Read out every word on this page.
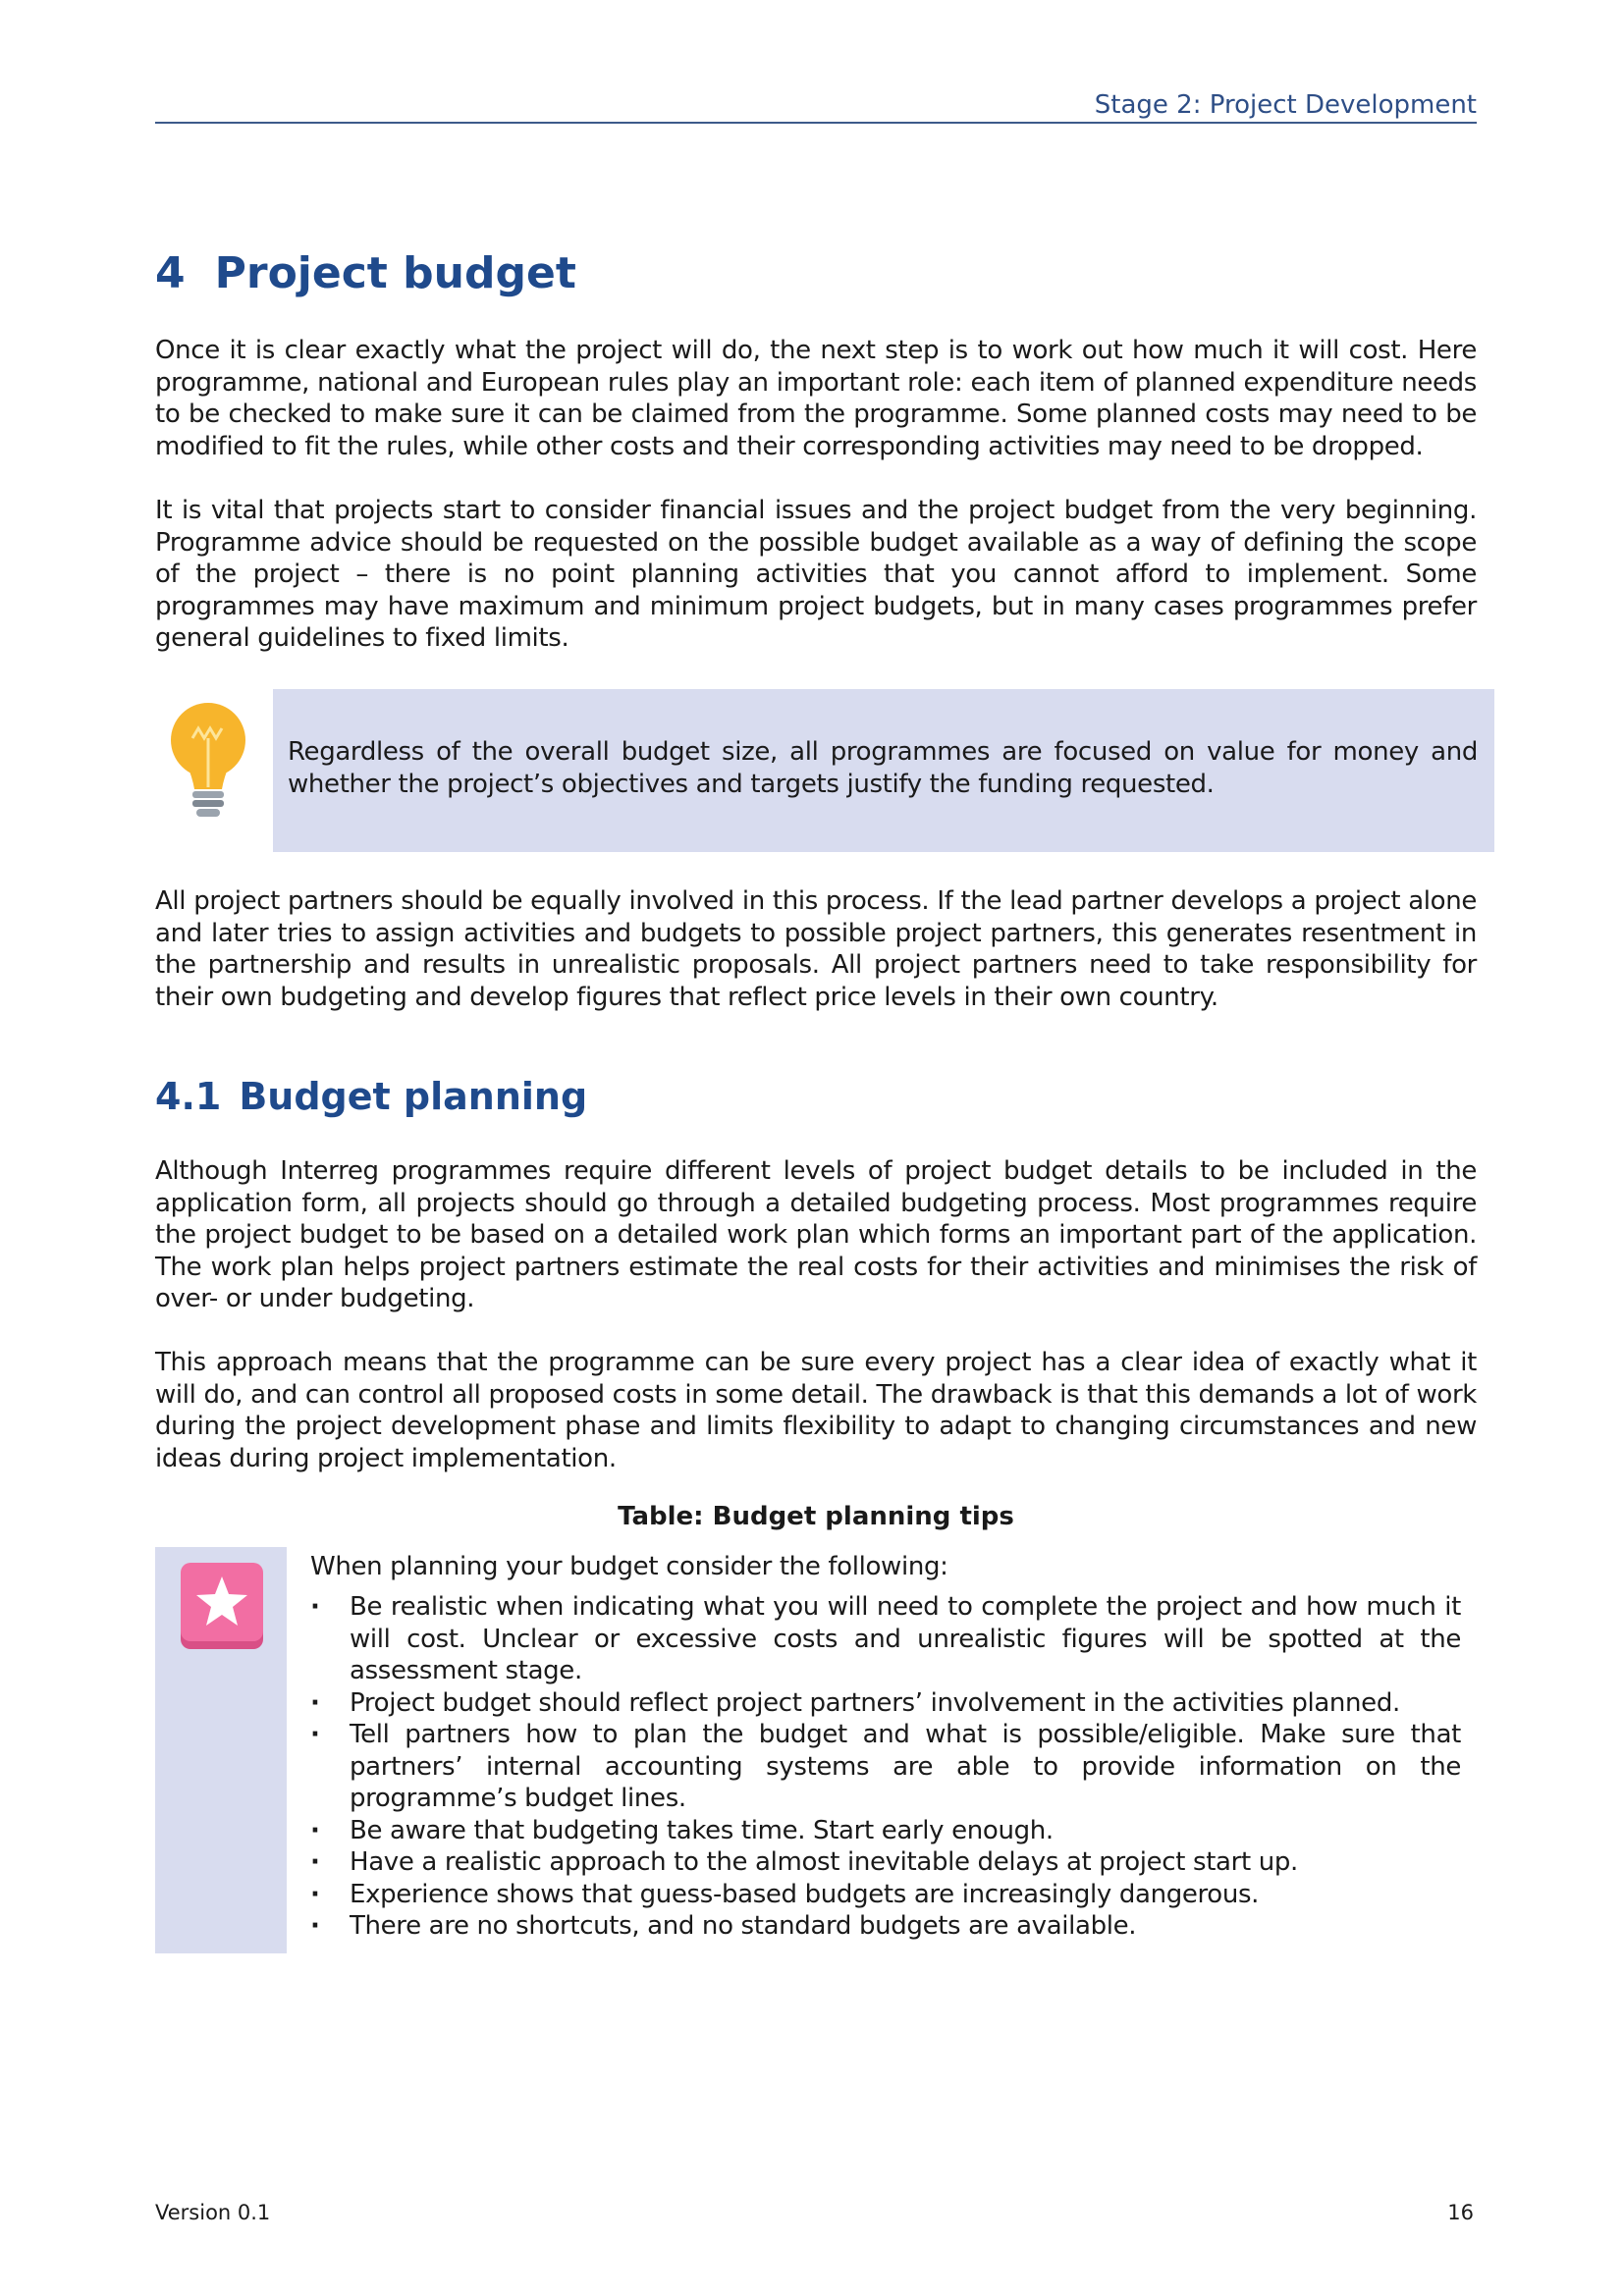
Stage 2: Project Development
4 Project budget

Once it is clear exactly what the project will do, the next step is to work out how much it will cost. Here programme, national and European rules play an important role: each item of planned expenditure needs to be checked to make sure it can be claimed from the programme. Some planned costs may need to be modified to fit the rules, while other costs and their corresponding activities may need to be dropped.

It is vital that projects start to consider financial issues and the project budget from the very beginning. Programme advice should be requested on the possible budget available as a way of defining the scope of the project – there is no point planning activities that you cannot afford to implement. Some programmes may have maximum and minimum project budgets, but in many cases programmes prefer general guidelines to fixed limits.

Regardless of the overall budget size, all programmes are focused on value for money and whether the project’s objectives and targets justify the funding requested.

All project partners should be equally involved in this process. If the lead partner develops a project alone and later tries to assign activities and budgets to possible project partners, this generates resentment in the partnership and results in unrealistic proposals. All project partners need to take responsibility for their own budgeting and develop figures that reflect price levels in their own country.

4.1 Budget planning

Although Interreg programmes require different levels of project budget details to be included in the application form, all projects should go through a detailed budgeting process. Most programmes require the project budget to be based on a detailed work plan which forms an important part of the application. The work plan helps project partners estimate the real costs for their activities and minimises the risk of over- or under budgeting.

This approach means that the programme can be sure every project has a clear idea of exactly what it will do, and can control all proposed costs in some detail. The drawback is that this demands a lot of work during the project development phase and limits flexibility to adapt to changing circumstances and new ideas during project implementation.

Table: Budget planning tips

When planning your budget consider the following:

· Be realistic when indicating what you will need to complete the project and how much it will cost. Unclear or excessive costs and unrealistic figures will be spotted at the assessment stage.
· Project budget should reflect project partners’ involvement in the activities planned.
· Tell partners how to plan the budget and what is possible/eligible. Make sure that partners’ internal accounting systems are able to provide information on the programme’s budget lines.
· Be aware that budgeting takes time. Start early enough.
· Have a realistic approach to the almost inevitable delays at project start up.
· Experience shows that guess-based budgets are increasingly dangerous.
· There are no shortcuts, and no standard budgets are available.
Version 0.1	16
